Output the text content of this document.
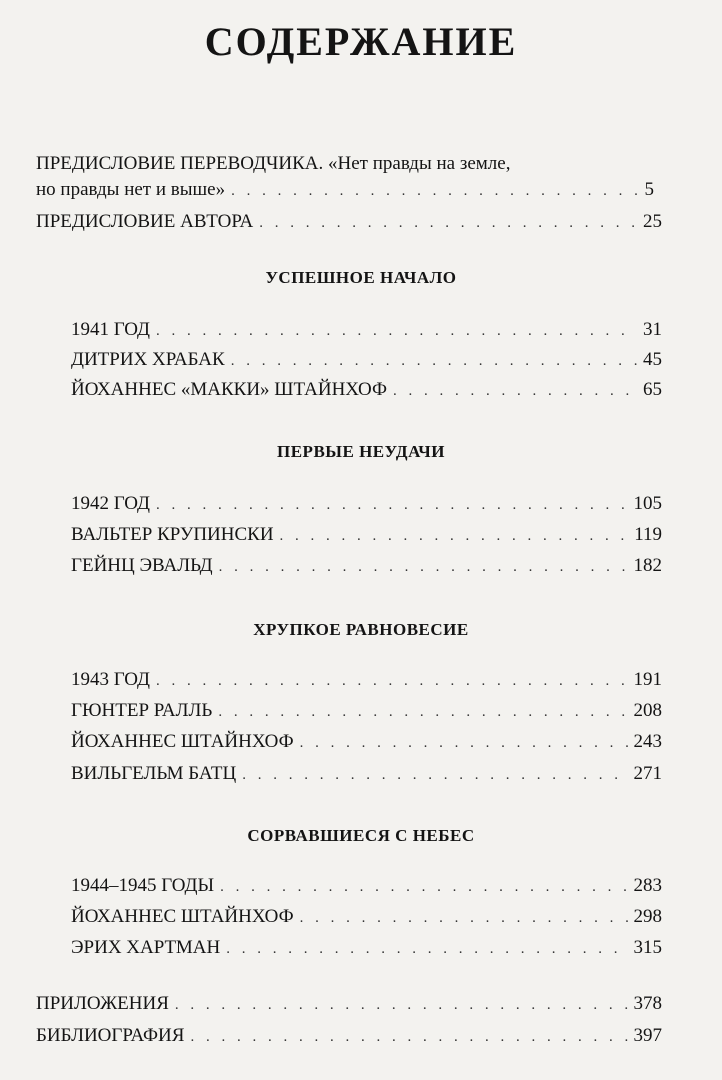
СОДЕРЖАНИЕ
ПРЕДИСЛОВИЕ ПЕРЕВОДЧИКА. «Нет правды на земле,
но правды нет и выше» . . .	5
ПРЕДИСЛОВИЕ АВТОРА . . .	25
УСПЕШНОЕ НАЧАЛО
1941 ГОД . . .	31
ДИТРИХ ХРАБАК . . .	45
ЙОХАННЕС «МАККИ» ШТАЙНХОФ . . .	65
ПЕРВЫЕ НЕУДАЧИ
1942 ГОД . . .	105
ВАЛЬТЕР КРУПИНСКИ . . .	119
ГЕЙНЦ ЭВАЛЬД . . .	182
ХРУПКОЕ РАВНОВЕСИЕ
1943 ГОД . . .	191
ГЮНТЕР РАЛЛЬ . . .	208
ЙОХАННЕС ШТАЙНХОФ . . .	243
ВИЛЬГЕЛЬМ БАТЦ . . .	271
СОРВАВШИЕСЯ С НЕБЕС
1944–1945 ГОДЫ . . .	283
ЙОХАННЕС ШТАЙНХОФ . . .	298
ЭРИХ ХАРТМАН . . .	315
ПРИЛОЖЕНИЯ . . .	378
БИБЛИОГРАФИЯ . . .	397
